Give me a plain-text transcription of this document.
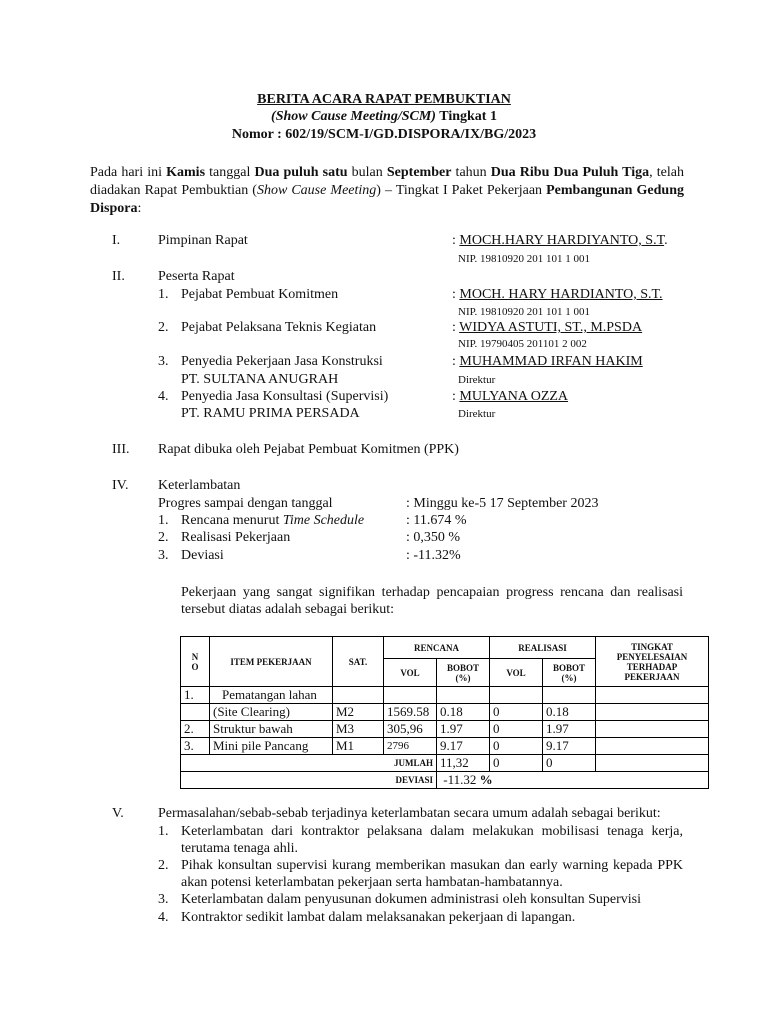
BERITA ACARA RAPAT PEMBUKTIAN
(Show Cause Meeting/SCM) Tingkat 1
Nomor : 602/19/SCM-I/GD.DISPORA/IX/BG/2023
Pada hari ini Kamis tanggal Dua puluh satu bulan September tahun Dua Ribu Dua Puluh Tiga, telah diadakan Rapat Pembuktian (Show Cause Meeting) – Tingkat I Paket Pekerjaan Pembangunan Gedung Dispora:
I.	Pimpinan Rapat	: MOCH.HARY HARDIYANTO, S.T.
NIP. 19810920 201 101 1 001
II. Peserta Rapat
1. Pejabat Pembuat Komitmen	: MOCH. HARY HARDIANTO, S.T.
NIP. 19810920 201 101 1 001
2. Pejabat Pelaksana Teknis Kegiatan	: WIDYA ASTUTI, ST., M.PSDA
NIP. 19790405 201101 2 002
3. Penyedia Pekerjaan Jasa Konstruksi	: MUHAMMAD IRFAN HAKIM
PT. SULTANA ANUGRAH	Direktur
4. Penyedia Jasa Konsultasi (Supervisi)	: MULYANA OZZA
PT. RAMU PRIMA PERSADA	Direktur
III. Rapat dibuka oleh Pejabat Pembuat Komitmen (PPK)
IV. Keterlambatan
Progres sampai dengan tanggal	: Minggu ke-5 17 September 2023
1. Rencana menurut Time Schedule	: 11.674 %
2. Realisasi Pekerjaan	: 0,350 %
3. Deviasi	: -11.32%
Pekerjaan yang sangat signifikan terhadap pencapaian progress rencana dan realisasi tersebut diatas adalah sebagai berikut:
N
O	ITEM PEKERJAAN	SAT.	RENCANA		REALISASI		TINGKAT PENYELESAIAN TERHADAP PEKERJAAN
			VOL	BOBOT (%)	VOL	BOBOT (%)	
1.	Pematangan lahan						
	(Site Clearing)	M2	1569.58	0.18	0	0.18	
2.	Struktur bawah	M3	305,96	1.97	0	1.97	
3.	Mini pile Pancang	M1	2796	9.17	0	9.17	
JUMLAH				11,32	0	0	
DEVIASI				-11.32 %			
V. Permasalahan/sebab-sebab terjadinya keterlambatan secara umum adalah sebagai berikut:
1. Keterlambatan dari kontraktor pelaksana dalam melakukan mobilisasi tenaga kerja,
terutama tenaga ahli.
2. Pihak konsultan supervisi kurang memberikan masukan dan early warning kepada PPK
akan potensi keterlambatan pekerjaan serta hambatan-hambatannya.
3. Keterlambatan dalam penyusunan dokumen administrasi oleh konsultan Supervisi
4. Kontraktor sedikit lambat dalam melaksanakan pekerjaan di lapangan.
